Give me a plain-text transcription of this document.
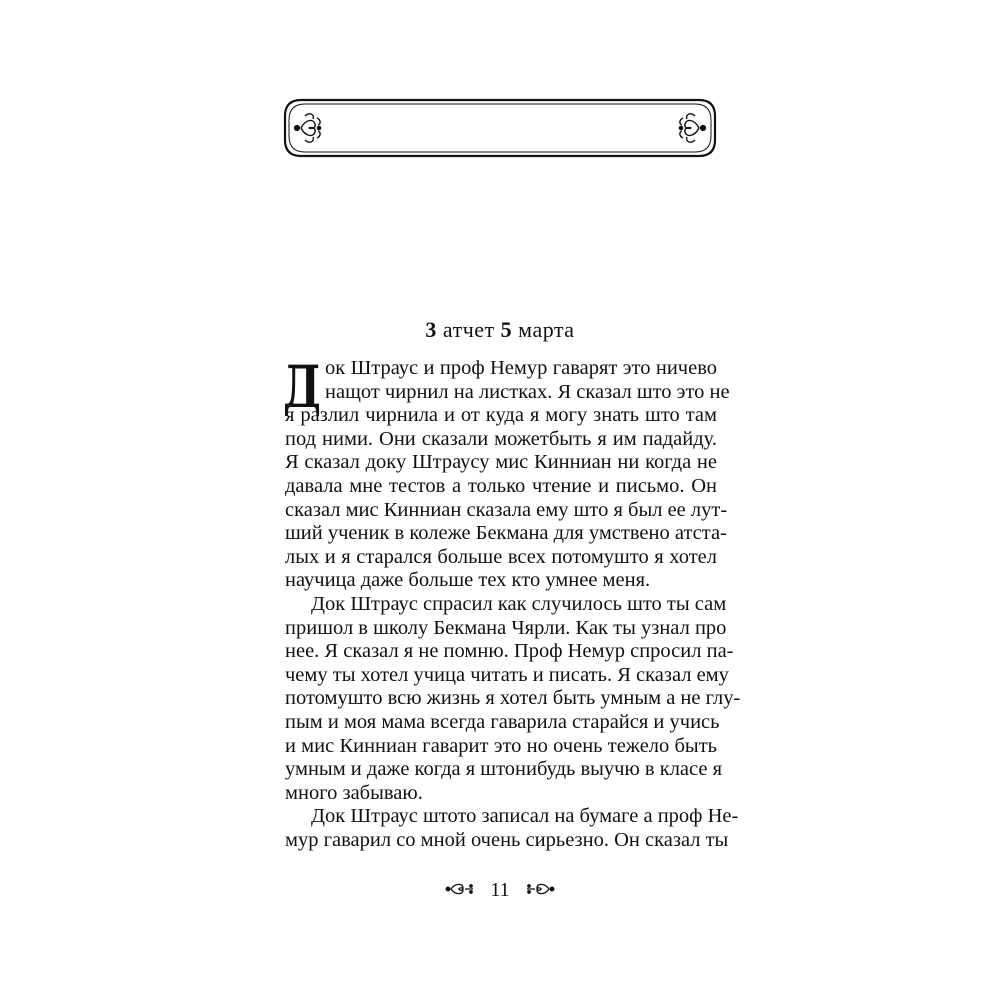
3 атчет 5 марта
Д ок Штраус и проф Немур гаварят это ничево
нащот чирнил на листках. Я сказал што это не
я разлил чирнила и от куда я могу знать што там
под ними. Они сказали можетбыть я им падайду.
Я сказал доку Штраусу мис Кинниан ни когда не
давала мне тестов а только чтение и письмо. Он
сказал мис Кинниан сказала ему што я был ее лут-
ший ученик в колеже Бекмана для умствено атста-
лых и я старался больше всех потомушто я хотел
научица даже больше тех кто умнее меня.
Док Штраус спрасил как случилось што ты сам
пришол в школу Бекмана Чярли. Как ты узнал про
нее. Я сказал я не помню. Проф Немур спросил па-
чему ты хотел учица читать и писать. Я сказал ему
потомушто всю жизнь я хотел быть умным а не глу-
пым и моя мама всегда гаварила старайся и учись
и мис Кинниан гаварит это но очень тежело быть
умным и даже когда я штонибудь выучю в класе я
много забываю.
Док Штраус штото записал на бумаге а проф Не-
мур гаварил со мной очень сирьезно. Он сказал ты
11
